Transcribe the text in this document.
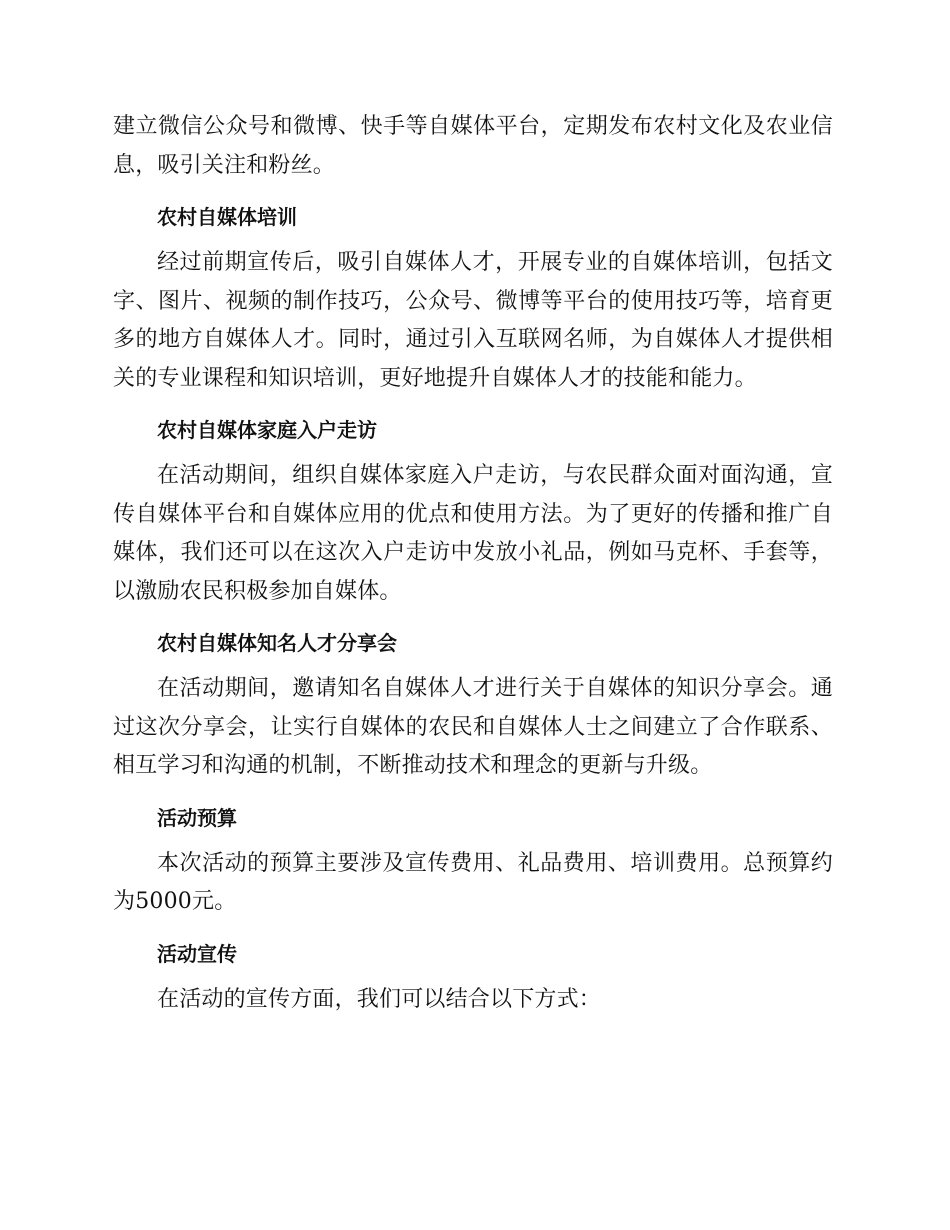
建立微信公众号和微博、快手等自媒体平台，定期发布农村文化及农业信息，吸引关注和粉丝。

农村自媒体培训

经过前期宣传后，吸引自媒体人才，开展专业的自媒体培训，包括文字、图片、视频的制作技巧，公众号、微博等平台的使用技巧等，培育更多的地方自媒体人才。同时，通过引入互联网名师，为自媒体人才提供相关的专业课程和知识培训，更好地提升自媒体人才的技能和能力。

农村自媒体家庭入户走访

在活动期间，组织自媒体家庭入户走访，与农民群众面对面沟通，宣传自媒体平台和自媒体应用的优点和使用方法。为了更好的传播和推广自媒体，我们还可以在这次入户走访中发放小礼品，例如马克杯、手套等，以激励农民积极参加自媒体。

农村自媒体知名人才分享会

在活动期间，邀请知名自媒体人才进行关于自媒体的知识分享会。通过这次分享会，让实行自媒体的农民和自媒体人士之间建立了合作联系、相互学习和沟通的机制，不断推动技术和理念的更新与升级。

活动预算

本次活动的预算主要涉及宣传费用、礼品费用、培训费用。总预算约为5000元。

活动宣传

在活动的宣传方面，我们可以结合以下方式：
